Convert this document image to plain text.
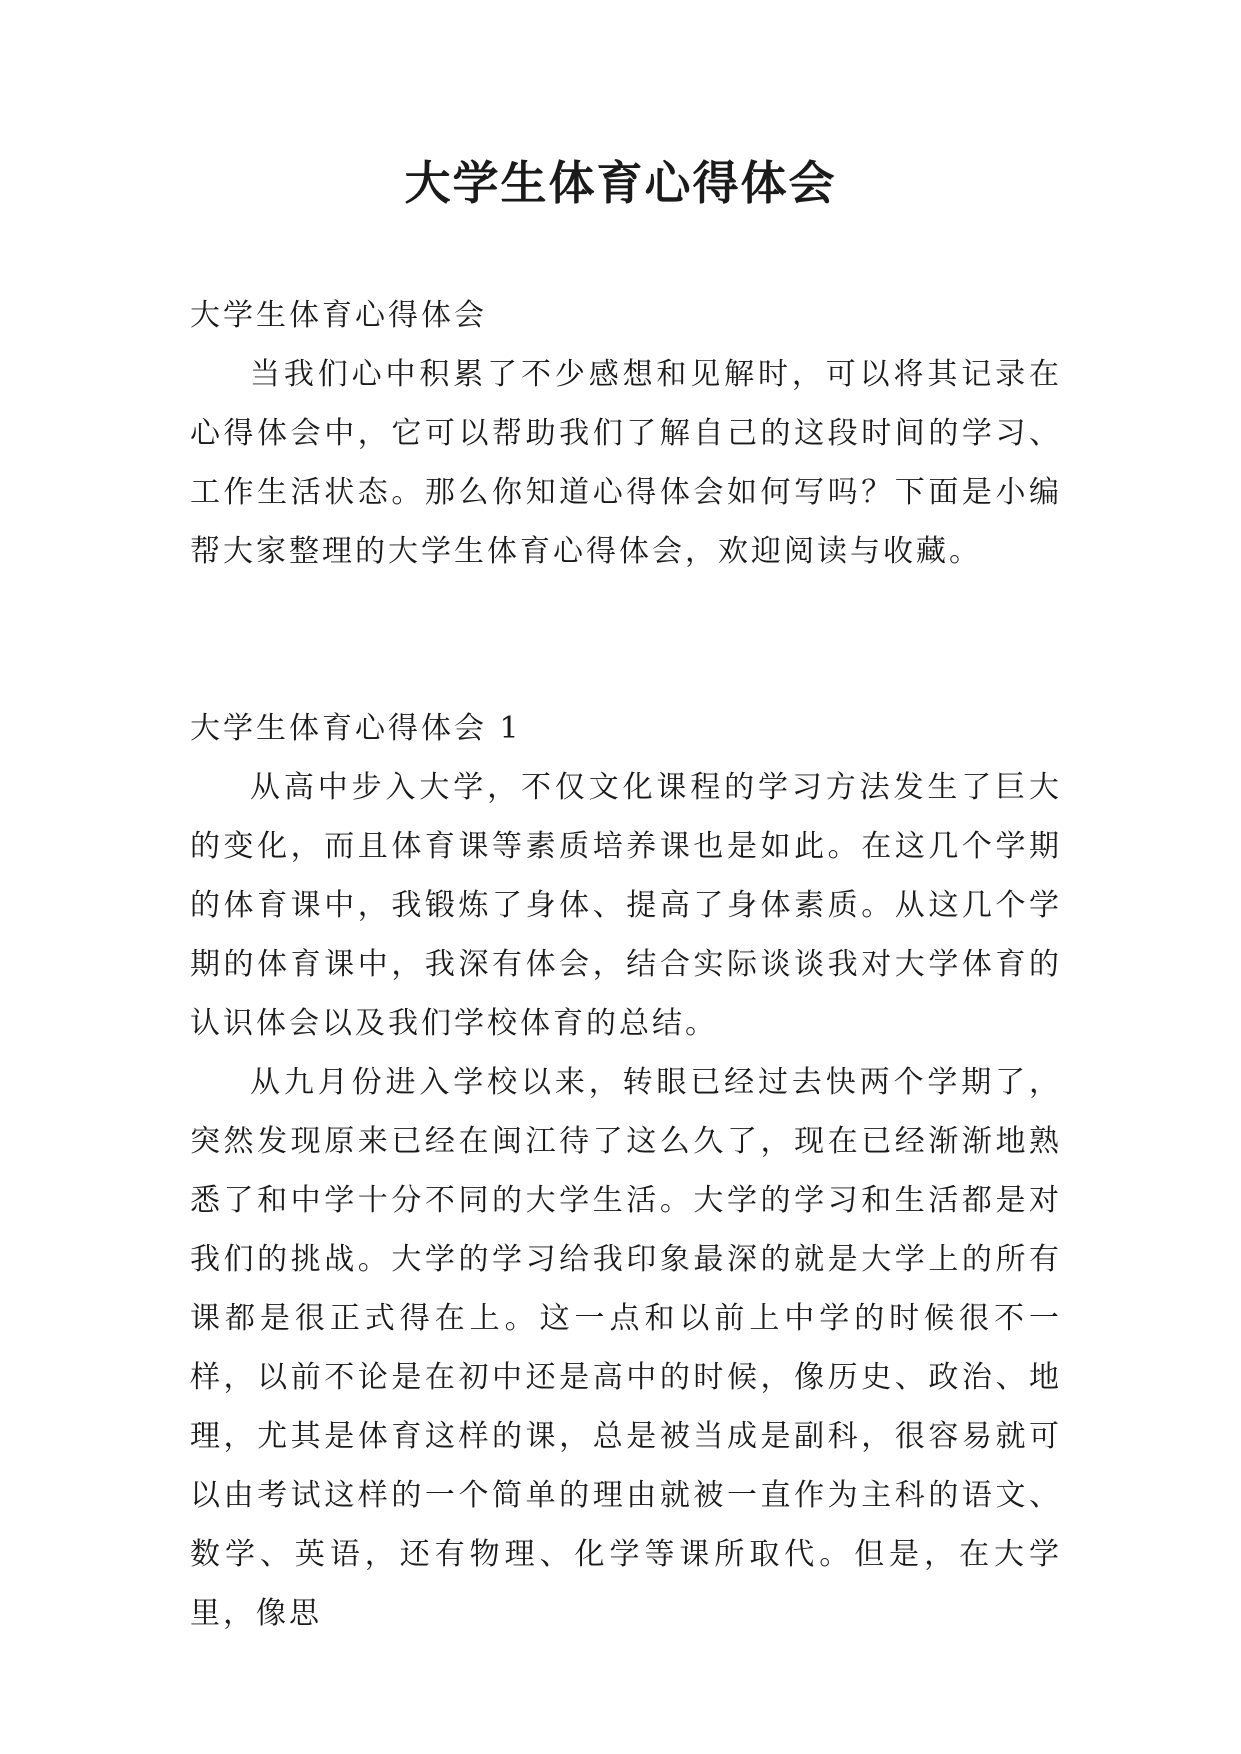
大学生体育心得体会

大学生体育心得体会

当我们心中积累了不少感想和见解时，可以将其记录在心得体会中，它可以帮助我们了解自己的这段时间的学习、工作生活状态。那么你知道心得体会如何写吗？下面是小编帮大家整理的大学生体育心得体会，欢迎阅读与收藏。

大学生体育心得体会 1

从高中步入大学，不仅文化课程的学习方法发生了巨大的变化，而且体育课等素质培养课也是如此。在这几个学期的体育课中，我锻炼了身体、提高了身体素质。从这几个学期的体育课中，我深有体会，结合实际谈谈我对大学体育的认识体会以及我们学校体育的总结。

从九月份进入学校以来，转眼已经过去快两个学期了，突然发现原来已经在闽江待了这么久了，现在已经渐渐地熟悉了和中学十分不同的大学生活。大学的学习和生活都是对我们的挑战。大学的学习给我印象最深的就是大学上的所有课都是很正式得在上。这一点和以前上中学的时候很不一样，以前不论是在初中还是高中的时候，像历史、政治、地理，尤其是体育这样的课，总是被当成是副科，很容易就可以由考试这样的一个简单的理由就被一直作为主科的语文、数学、英语，还有物理、化学等课所取代。但是，在大学里，像思
